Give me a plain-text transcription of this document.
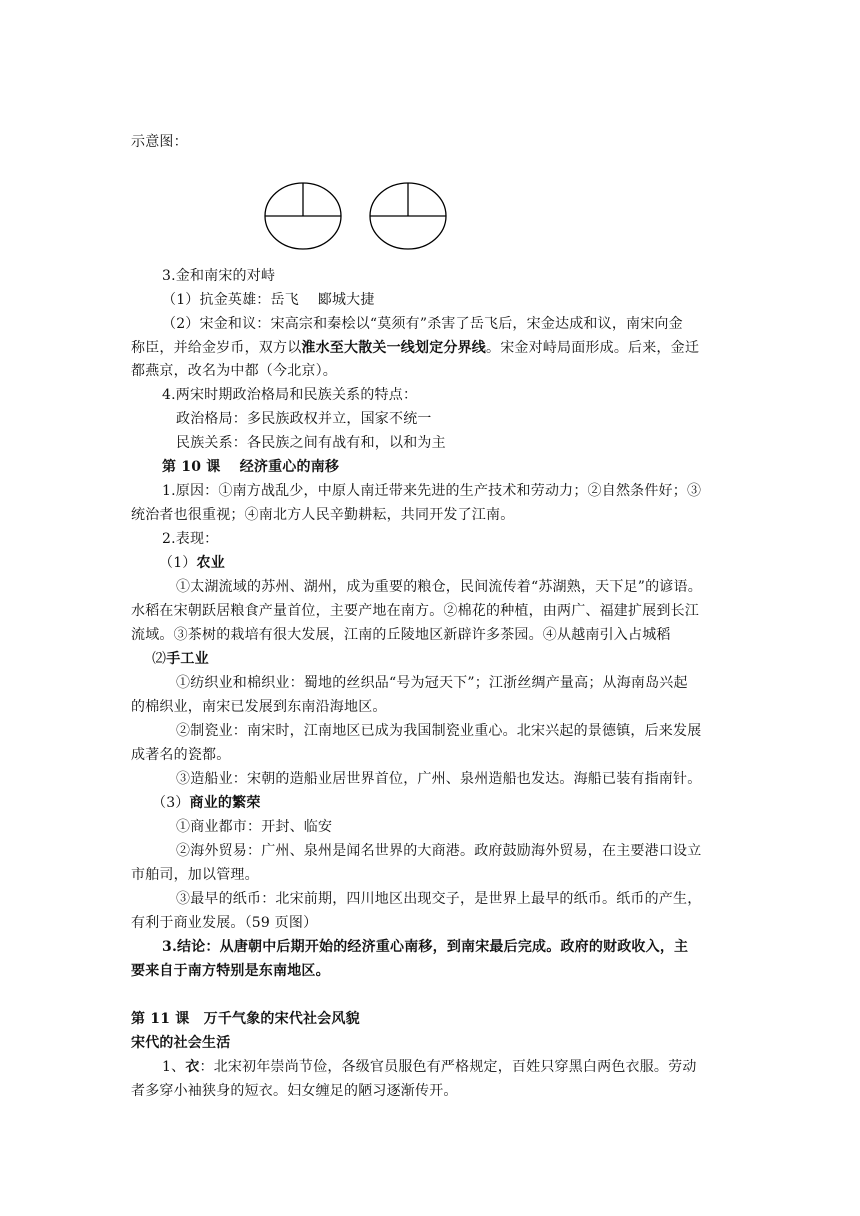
示意图：
3.金和南宋的对峙
（1）抗金英雄：岳飞　 郾城大捷
（2）宋金和议：宋高宗和秦桧以“莫须有”杀害了岳飞后，宋金达成和议，南宋向金
称臣，并给金岁币，双方以淮水至大散关一线划定分界线。宋金对峙局面形成。后来，金迁
都燕京，改名为中都（今北京）。
4.两宋时期政治格局和民族关系的特点：
政治格局：多民族政权并立，国家不统一
民族关系：各民族之间有战有和，以和为主
第 10 课　 经济重心的南移
1.原因：①南方战乱少，中原人南迁带来先进的生产技术和劳动力；②自然条件好；③
统治者也很重视；④南北方人民辛勤耕耘，共同开发了江南。
2.表现：
（1）农业
①太湖流域的苏州、湖州，成为重要的粮仓，民间流传着“苏湖熟，天下足”的谚语。
水稻在宋朝跃居粮食产量首位，主要产地在南方。②棉花的种植，由两广、福建扩展到长江
流域。③茶树的栽培有很大发展，江南的丘陵地区新辟许多茶园。④从越南引入占城稻
⑵手工业
①纺织业和棉织业：蜀地的丝织品“号为冠天下”；江浙丝绸产量高；从海南岛兴起
的棉织业，南宋已发展到东南沿海地区。
②制瓷业：南宋时，江南地区已成为我国制瓷业重心。北宋兴起的景德镇，后来发展
成著名的瓷都。
③造船业：宋朝的造船业居世界首位，广州、泉州造船也发达。海船已装有指南针。
（3）商业的繁荣
①商业都市：开封、临安
②海外贸易：广州、泉州是闻名世界的大商港。政府鼓励海外贸易，在主要港口设立
市舶司，加以管理。
③最早的纸币：北宋前期，四川地区出现交子，是世界上最早的纸币。纸币的产生，
有利于商业发展。（59 页图）
3.结论：从唐朝中后期开始的经济重心南移，到南宋最后完成。政府的财政收入，主
要来自于南方特别是东南地区。
第 11 课　万千气象的宋代社会风貌
宋代的社会生活
1、衣：北宋初年崇尚节俭，各级官员服色有严格规定，百姓只穿黑白两色衣服。劳动
者多穿小袖狭身的短衣。妇女缠足的陋习逐渐传开。
